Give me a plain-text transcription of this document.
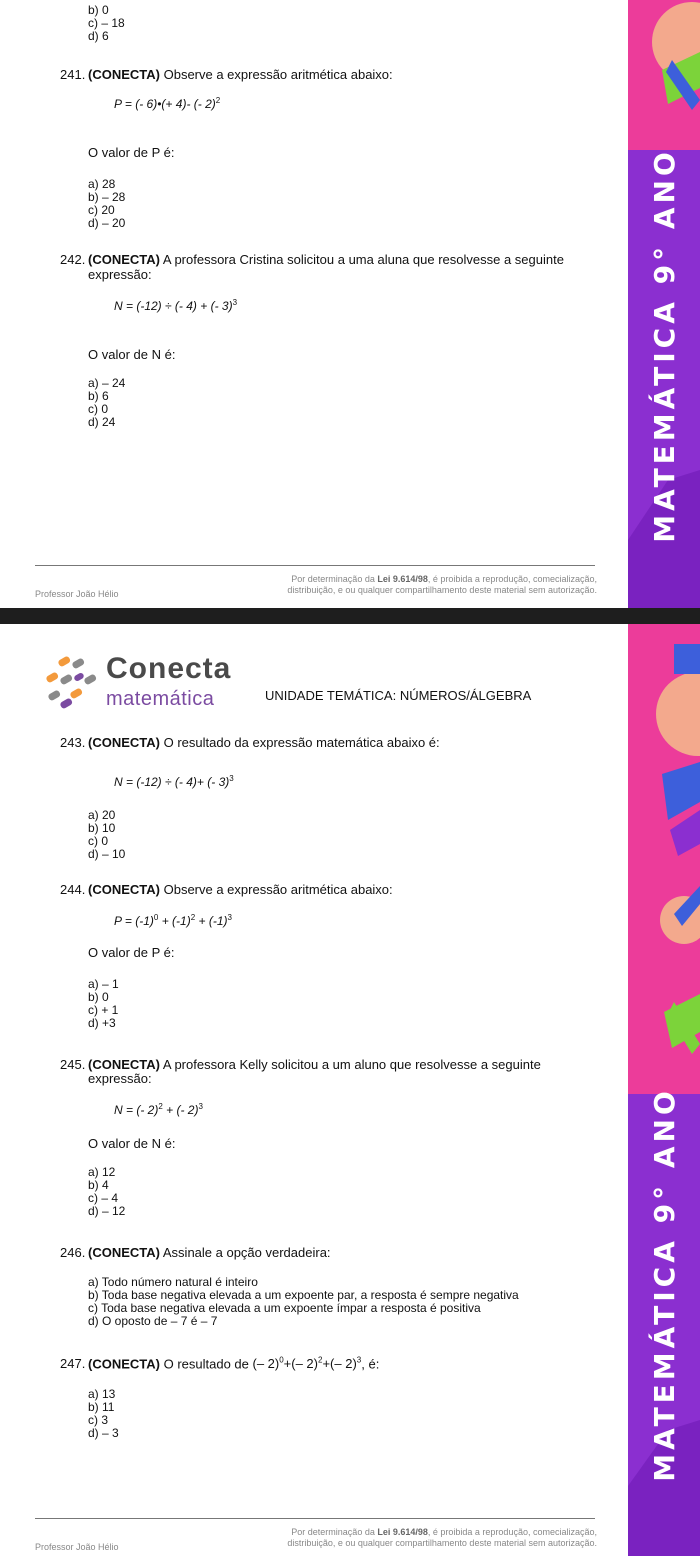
b) 0
c) – 18
d) 6
241. (CONECTA) Observe a expressão aritmética abaixo:
P = (- 6)•(+ 4)- (- 2)$^2$
O valor de P é:
a) 28
b) – 28
c) 20
d) – 20
242. (CONECTA) A professora Cristina solicitou a uma aluna que resolvesse a seguinte expressão:
N = (-12) ÷ (- 4) + (- 3)$^3$
O valor de N é:
a) – 24
b) 6
c) 0
d) 24
Professor João Hélio
Por determinação da Lei 9.614/98, é proibida a reprodução, comecialização,
distribuição, e ou qualquer compartilhamento deste material sem autorização.
MATEMÁTICA 9° ANO
Conecta
matemática	UNIDADE TEMÁTICA: NÚMEROS/ÁLGEBRA
243. (CONECTA) O resultado da expressão matemática abaixo é:
N = (-12) ÷ (- 4)+ (- 3)$^3$
a) 20
b) 10
c) 0
d) – 10
244. (CONECTA) Observe a expressão aritmética abaixo:
$P = (-1)^0 + (-1)^2 + (-1)^3$
O valor de P é:
a) – 1
b) 0
c) + 1
d) +3
245. (CONECTA) A professora Kelly solicitou a um aluno que resolvesse a seguinte expressão:
N = (- 2)$^2$ + (- 2)$^3$
O valor de N é:
a) 12
b) 4
c) – 4
d) – 12
246. (CONECTA) Assinale a opção verdadeira:
a) Todo número natural é inteiro
b) Toda base negativa elevada a um expoente par, a resposta é sempre negativa
c) Toda base negativa elevada a um expoente ímpar a resposta é positiva
d) O oposto de – 7 é – 7
247. (CONECTA) O resultado de (– 2)$^0$+(– 2)$^2$+(– 2)$^3$, é:
a) 13
b) 11
c) 3
d) – 3
Professor João Hélio
Por determinação da Lei 9.614/98, é proibida a reprodução, comecialização,
distribuição, e ou qualquer compartilhamento deste material sem autorização.
MATEMÁTICA 9° ANO
